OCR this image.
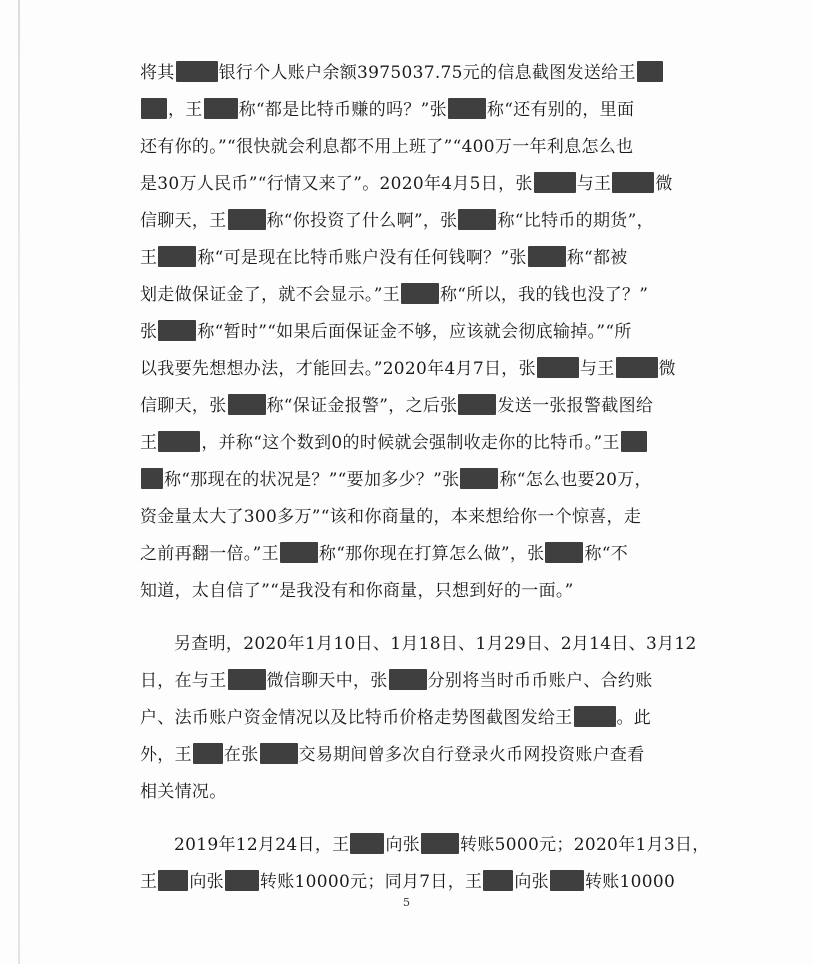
将其	银行个人账户余额3975037.75元的信息截图发送给王
，王 称“都是比特币赚的吗？”张 称“还有别的，里面
还有你的。”“很快就会利息都不用上班了”“400万一年利息怎么也
是30万人民币”“行情又来了”。2020年4月5日，张	与王	微
信聊天，王 称“你投资了什么啊”，张 称“比特币的期货”，
王 称“可是现在比特币账户没有任何钱啊？”张 称“都被
划走做保证金了，就不会显示。”王 称“所以，我的钱也没了？”
张 称“暂时”“如果后面保证金不够，应该就会彻底输掉。”“所
以我要先想想办法，才能回去。”2020年4月7日，张	与王	微
信聊天，张 称“保证金报警”，之后张 发送一张报警截图给
王	，并称“这个数到0的时候就会强制收走你的比特币。”王
称“那现在的状况是？”“要加多少？”张 称“怎么也要20万，
资金量太大了300多万”“该和你商量的，本来想给你一个惊喜，走
之前再翻一倍。”王 称“那你现在打算怎么做”，张 称“不
知道，太自信了”“是我没有和你商量，只想到好的一面。”
另查明，2020年1月10日、1月18日、1月29日、2月14日、3月12
日，在与王 微信聊天中，张 分别将当时币币账户、合约账
户、法币账户资金情况以及比特币价格走势图截图发给王	。此
外，王 在张 交易期间曾多次自行登录火币网投资账户查看
相关情况。
2019年12月24日，王 向张 转账5000元；2020年1月3日，
王 向张 转账10000元；同月7日，王 向张 转账10000
5
